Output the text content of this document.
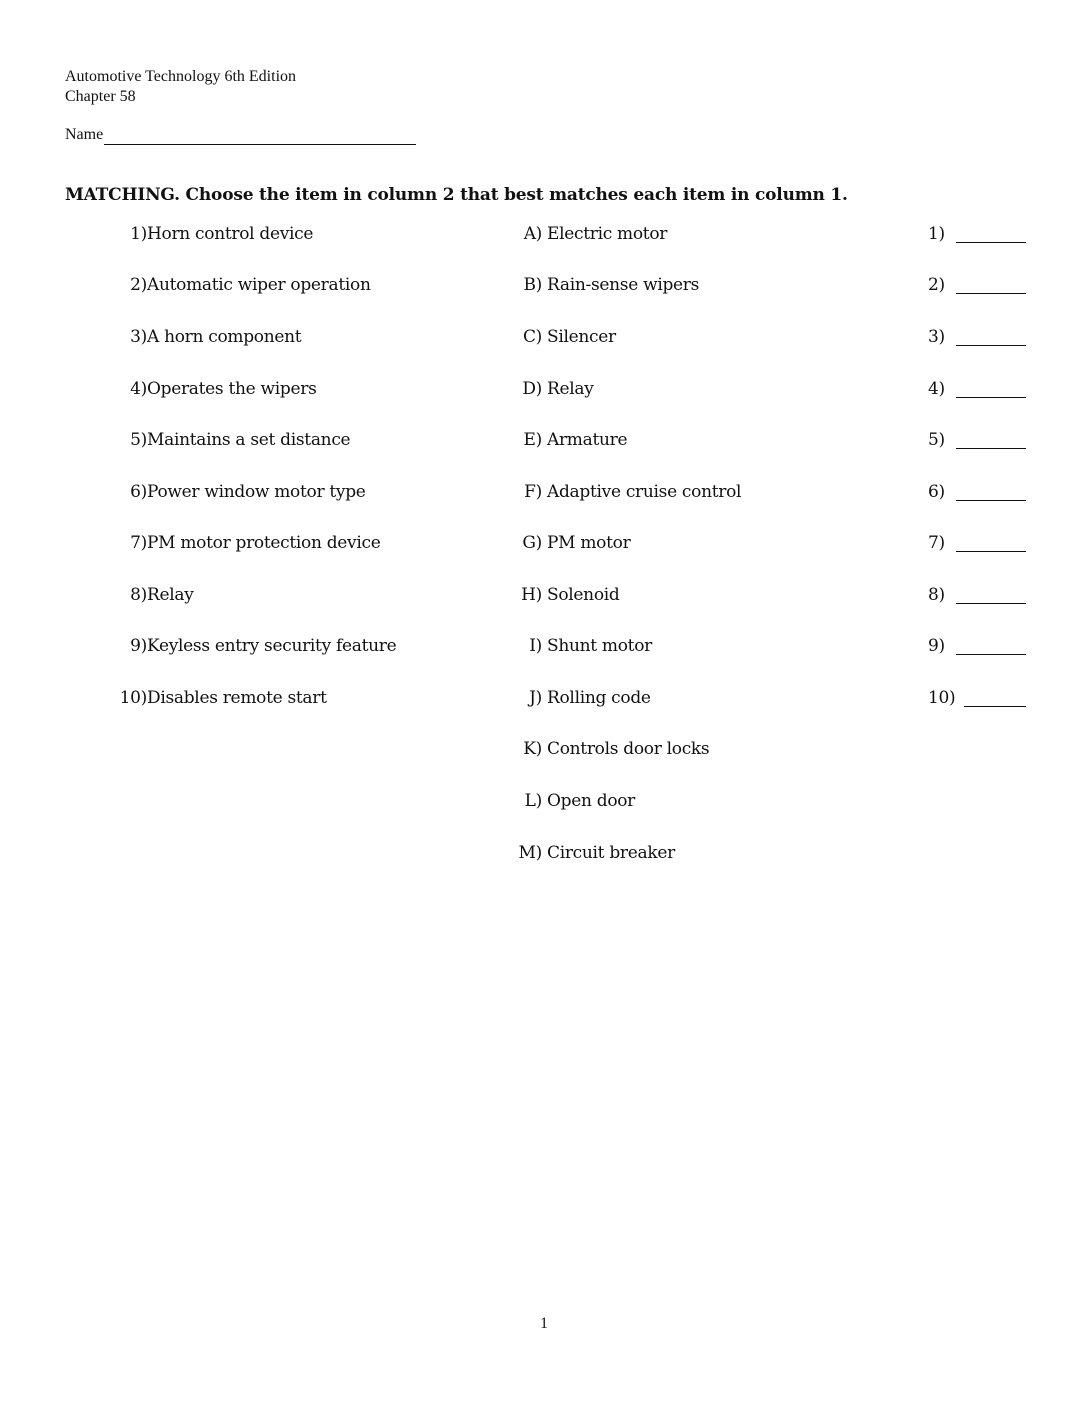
Automotive Technology 6th Edition
Chapter 58
Name
MATCHING. Choose the item in column 2 that best matches each item in column 1.
1) Horn control device	A) Electric motor	1)
2) Automatic wiper operation	B) Rain-sense wipers	2)
3) A horn component	C) Silencer	3)
4) Operates the wipers	D) Relay	4)
5) Maintains a set distance	E) Armature	5)
6) Power window motor type	F) Adaptive cruise control	6)
7) PM motor protection device	G) PM motor	7)
8) Relay	H) Solenoid	8)
9) Keyless entry security feature	I) Shunt motor	9)
10) Disables remote start	J) Rolling code	10)
K) Controls door locks
L) Open door
M) Circuit breaker
1
